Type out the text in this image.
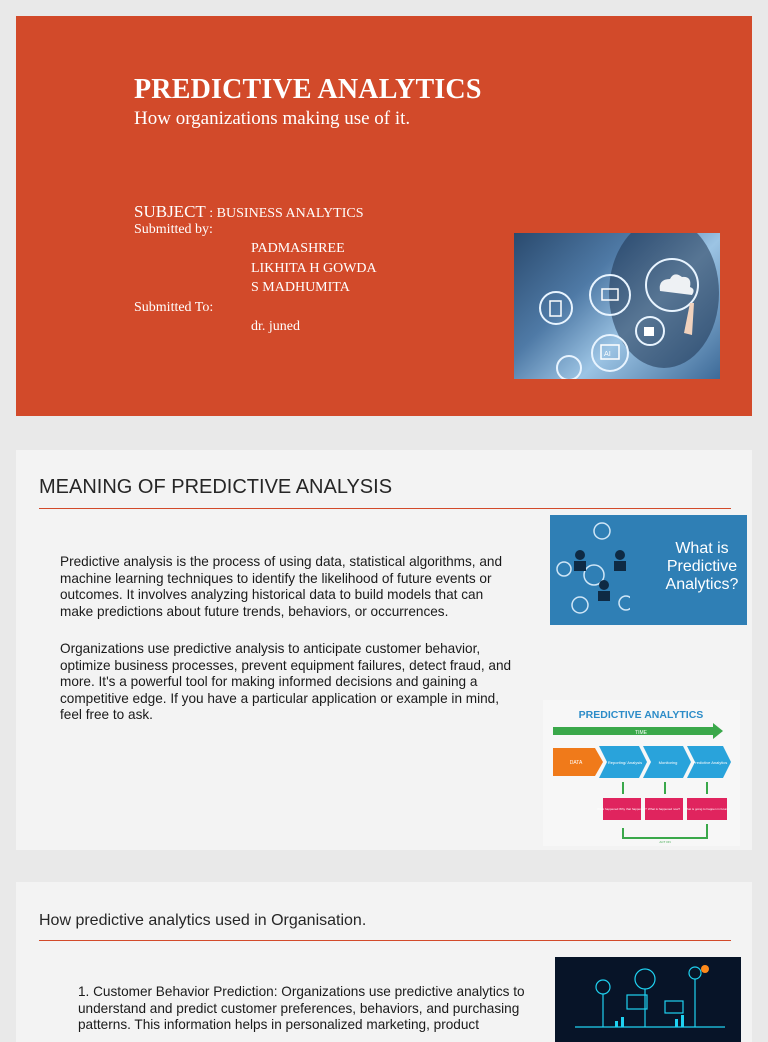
PREDICTIVE ANALYTICS
How organizations making use of it.
SUBJECT : BUSINESS ANALYTICS
Submitted by:
PADMASHREE
LIKHITA H GOWDA
S MADHUMITA
Submitted To:
dr. juned
AI
MEANING OF PREDICTIVE ANALYSIS
Predictive analysis is the process of using data, statistical algorithms, and machine learning techniques to identify the likelihood of future events or outcomes. It involves analyzing historical data to build models that can make predictions about future trends, behaviors, or occurrences.
Organizations use predictive analysis to anticipate customer behavior, optimize business processes, prevent equipment failures, detect fraud, and more. It's a powerful tool for making informed decisions and gaining a competitive edge. If you have a particular application or example in mind, feel free to ask.
What is
Predictive
Analytics?
PREDICTIVE ANALYTICS
TIME
DATA	Reporting/ Analysis	Monitoring	Predictive Analytics
What happened Why that happened? What is happened now? What is going to happen in future?
ACT ON
How predictive analytics used in Organisation.
1. Customer Behavior Prediction: Organizations use predictive analytics to understand and predict customer preferences, behaviors, and purchasing patterns. This information helps in personalized marketing, product
